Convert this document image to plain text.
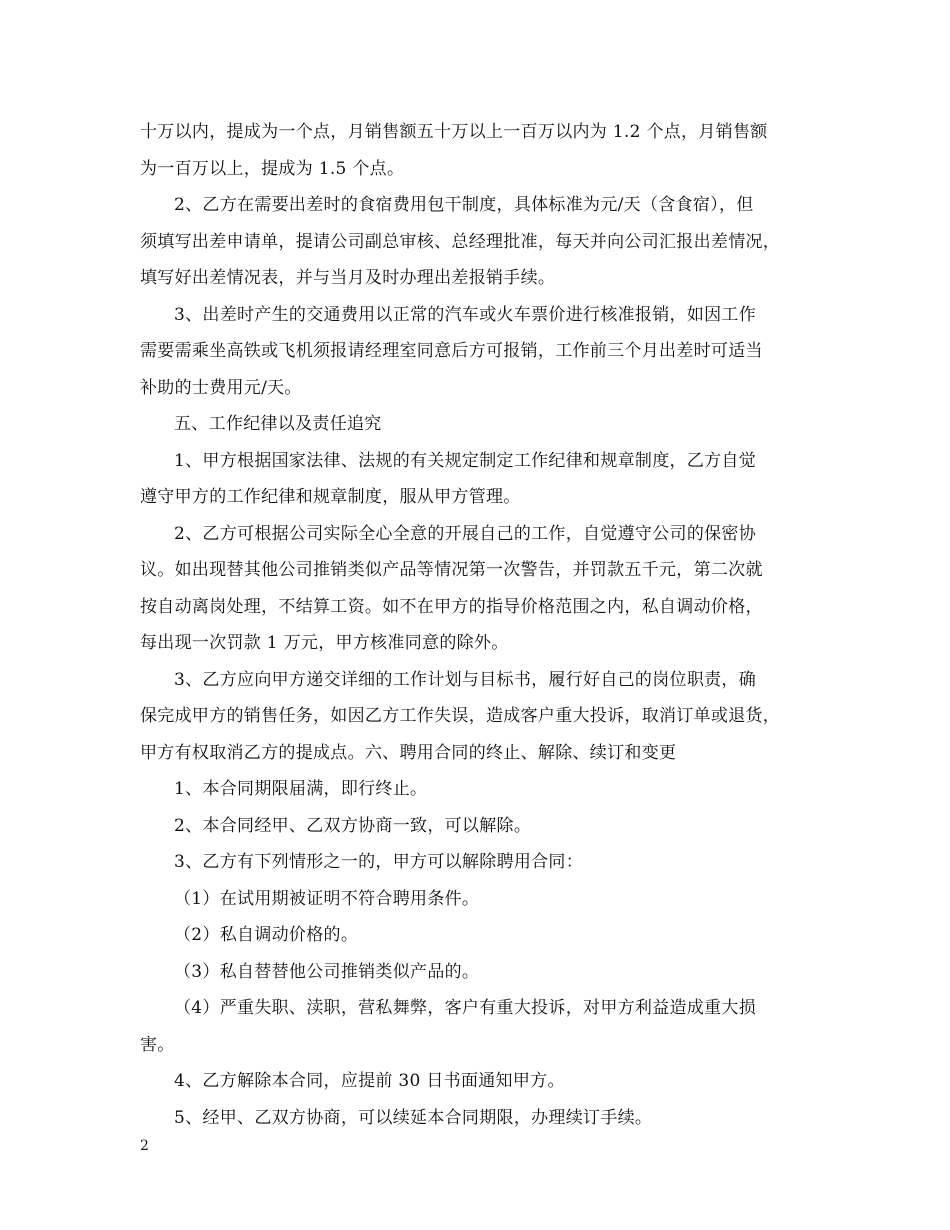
十万以内，提成为一个点，月销售额五十万以上一百万以内为 1.2 个点，月销售额
为一百万以上，提成为 1.5 个点。
2、乙方在需要出差时的食宿费用包干制度，具体标准为元/天（含食宿），但
须填写出差申请单，提请公司副总审核、总经理批准，每天并向公司汇报出差情况，
填写好出差情况表，并与当月及时办理出差报销手续。
3、出差时产生的交通费用以正常的汽车或火车票价进行核准报销，如因工作
需要需乘坐高铁或飞机须报请经理室同意后方可报销，工作前三个月出差时可适当
补助的士费用元/天。
五、工作纪律以及责任追究
1、甲方根据国家法律、法规的有关规定制定工作纪律和规章制度，乙方自觉
遵守甲方的工作纪律和规章制度，服从甲方管理。
2、乙方可根据公司实际全心全意的开展自己的工作，自觉遵守公司的保密协
议。如出现替其他公司推销类似产品等情况第一次警告，并罚款五千元，第二次就
按自动离岗处理，不结算工资。如不在甲方的指导价格范围之内，私自调动价格，
每出现一次罚款 1 万元，甲方核准同意的除外。
3、乙方应向甲方递交详细的工作计划与目标书，履行好自己的岗位职责，确
保完成甲方的销售任务，如因乙方工作失误，造成客户重大投诉，取消订单或退货，
甲方有权取消乙方的提成点。六、聘用合同的终止、解除、续订和变更
1、本合同期限届满，即行终止。
2、本合同经甲、乙双方协商一致，可以解除。
3、乙方有下列情形之一的，甲方可以解除聘用合同：
（1）在试用期被证明不符合聘用条件。
（2）私自调动价格的。
（3）私自替替他公司推销类似产品的。
（4）严重失职、渎职，营私舞弊，客户有重大投诉，对甲方利益造成重大损
害。
4、乙方解除本合同，应提前 30 日书面通知甲方。
5、经甲、乙双方协商，可以续延本合同期限，办理续订手续。
2
